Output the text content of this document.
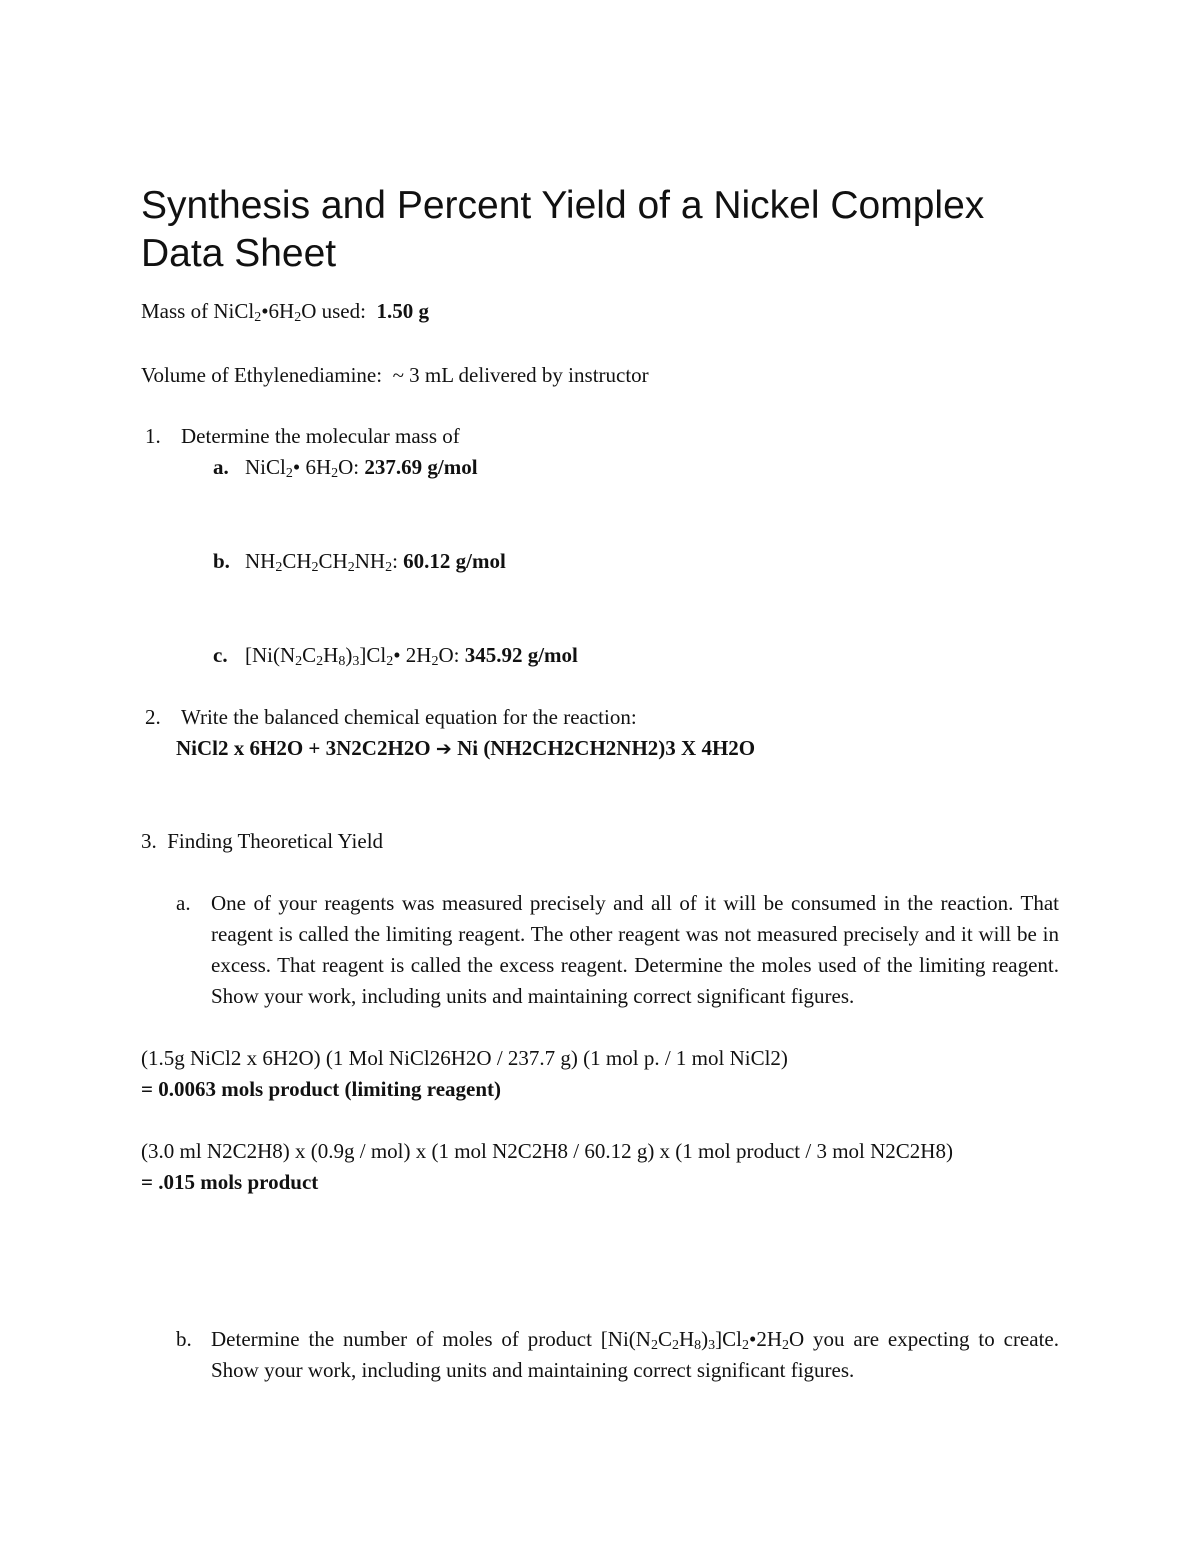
Synthesis and Percent Yield of a Nickel Complex
Data Sheet
Mass of $NiCl_2•6H_2O$ used: 1.50 g
Volume of Ethylenediamine: ~ 3 mL delivered by instructor
1. Determine the molecular mass of
a. NiCl$_2$• $6H_2O$: 237.69 g/mol
b. $NH_2CH_2CH_2NH_2$: 60.12 g/mol
c. $[Ni(N_2C_2H_8)_3]Cl_2•$ $2H_2O$: 345.92 g/mol
2. Write the balanced chemical equation for the reaction:
NiCl2 x 6H2O + 3N2C2H2O ➔ Ni (NH2CH2CH2NH2)3 X 4H2O
3. Finding Theoretical Yield
a. One of your reagents was measured precisely and all of it will be consumed in the reaction. That reagent is called the limiting reagent. The other reagent was not measured precisely and it will be in excess. That reagent is called the excess reagent. Determine the moles used of the limiting reagent. Show your work, including units and maintaining correct significant figures.
(1.5g NiCl2 x 6H2O) (1 Mol NiCl26H2O / 237.7 g) (1 mol p. / 1 mol NiCl2)
= 0.0063 mols product (limiting reagent)
(3.0 ml N2C2H8) x (0.9g / mol) x (1 mol N2C2H8 / 60.12 g) x (1 mol product / 3 mol N2C2H8)
= .015 mols product
b. Determine the number of moles of product $[Ni(N_2C_2H_8)_3]Cl_2•2H_2O$ you are expecting to create. Show your work, including units and maintaining correct significant figures.
